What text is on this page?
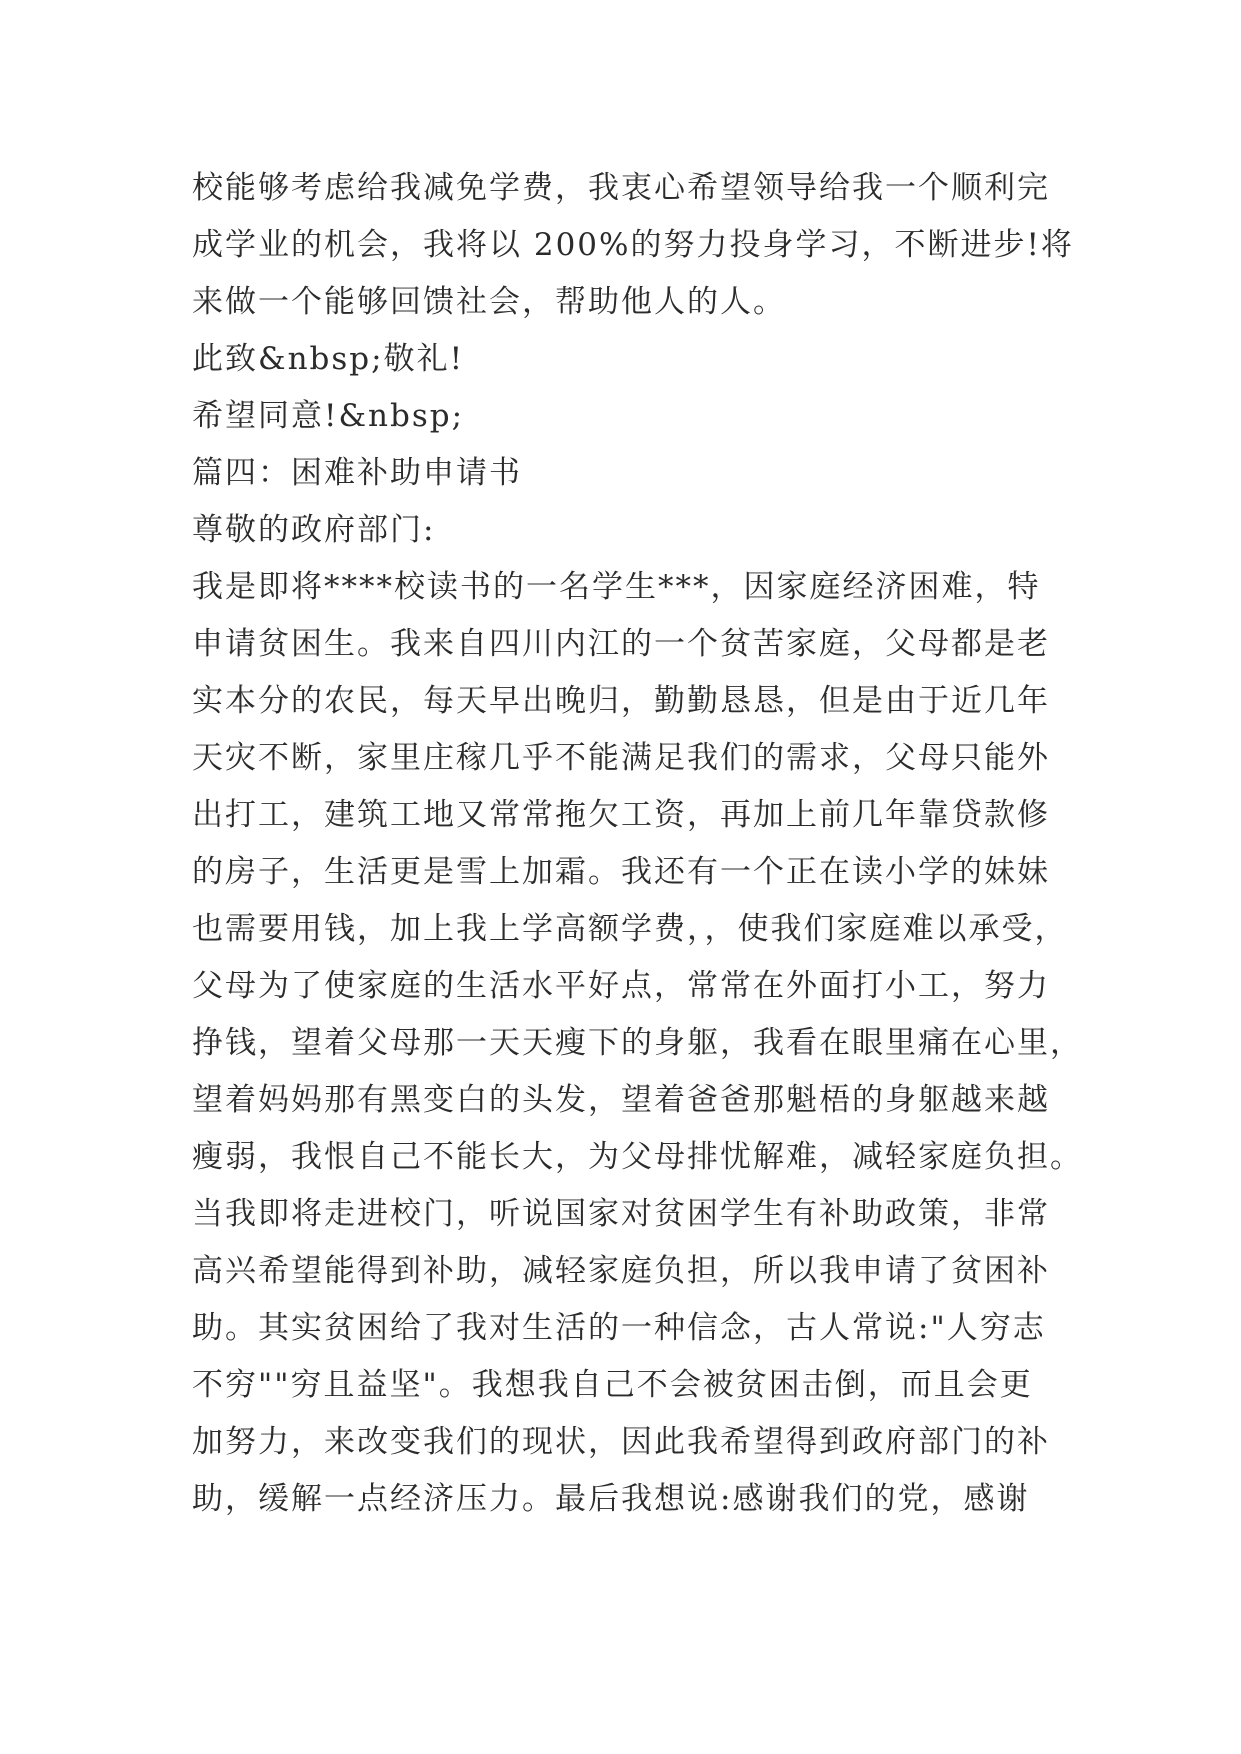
校能够考虑给我减免学费，我衷心希望领导给我一个顺利完
成学业的机会，我将以 200%的努力投身学习，不断进步!将
来做一个能够回馈社会，帮助他人的人。
此致&nbsp;敬礼!
希望同意!&nbsp;
篇四：困难补助申请书
尊敬的政府部门:
我是即将****校读书的一名学生***，因家庭经济困难，特
申请贫困生。我来自四川内江的一个贫苦家庭，父母都是老
实本分的农民，每天早出晚归，勤勤恳恳，但是由于近几年
天灾不断，家里庄稼几乎不能满足我们的需求，父母只能外
出打工，建筑工地又常常拖欠工资，再加上前几年靠贷款修
的房子，生活更是雪上加霜。我还有一个正在读小学的妹妹
也需要用钱，加上我上学高额学费，，使我们家庭难以承受，
父母为了使家庭的生活水平好点，常常在外面打小工，努力
挣钱，望着父母那一天天瘦下的身躯，我看在眼里痛在心里，
望着妈妈那有黑变白的头发，望着爸爸那魁梧的身躯越来越
瘦弱，我恨自己不能长大，为父母排忧解难，减轻家庭负担。
当我即将走进校门，听说国家对贫困学生有补助政策，非常
高兴希望能得到补助，减轻家庭负担，所以我申请了贫困补
助。其实贫困给了我对生活的一种信念，古人常说:"人穷志
不穷""穷且益坚"。我想我自己不会被贫困击倒，而且会更
加努力，来改变我们的现状，因此我希望得到政府部门的补
助，缓解一点经济压力。最后我想说:感谢我们的党，感谢
